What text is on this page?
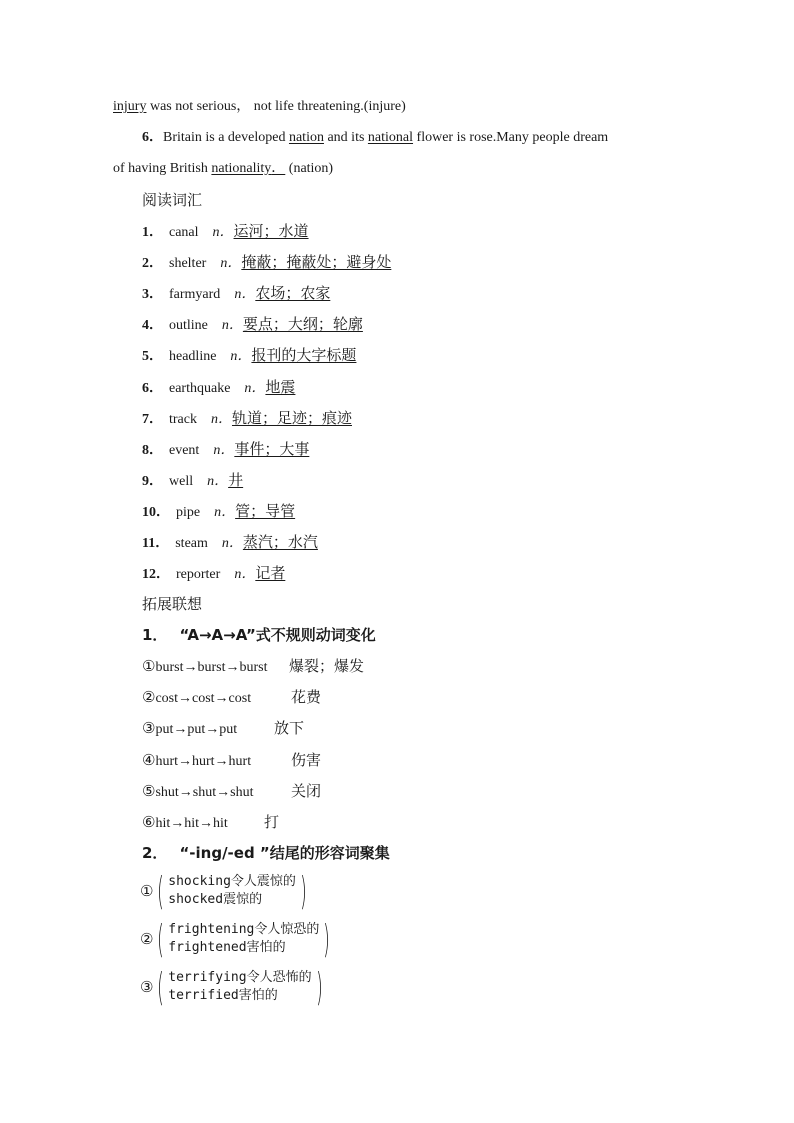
injury was not serious， not life threatening.(injure)
6．Britain is a developed nation and its national flower is rose.Many people dream
of having British nationality． (nation)
阅读词汇
1． canal n．运河；水道
2． shelter n．掩蔽；掩蔽处；避身处
3． farmyard n．农场；农家
4． outline n．要点；大纲；轮廓
5． headline n．报刊的大字标题
6． earthquake n．地震
7． track n．轨道；足迹；痕迹
8． event n．事件；大事
9． well n．井
10． pipe n．管；导管
11． steam n．蒸汽；水汽
12． reporter n．记者
拓展联想
1． “A→A→A”式不规则动词变化
①burst→burst→burst 爆裂；爆发
②cost→cost→cost	花费
③put→put→put 放下
④hurt→hurt→hurt	伤害
⑤shut→shut→shut	关闭
⑥hit→hit→hit 打
2． “-ing/-ed ”结尾的形容词聚集
① ( shocking令人震惊的
shocked震惊的 )
② ( frightening令人惊恐的
frightened害怕的 )
③ ( terrifying令人恐怖的
terrified害怕的 )
